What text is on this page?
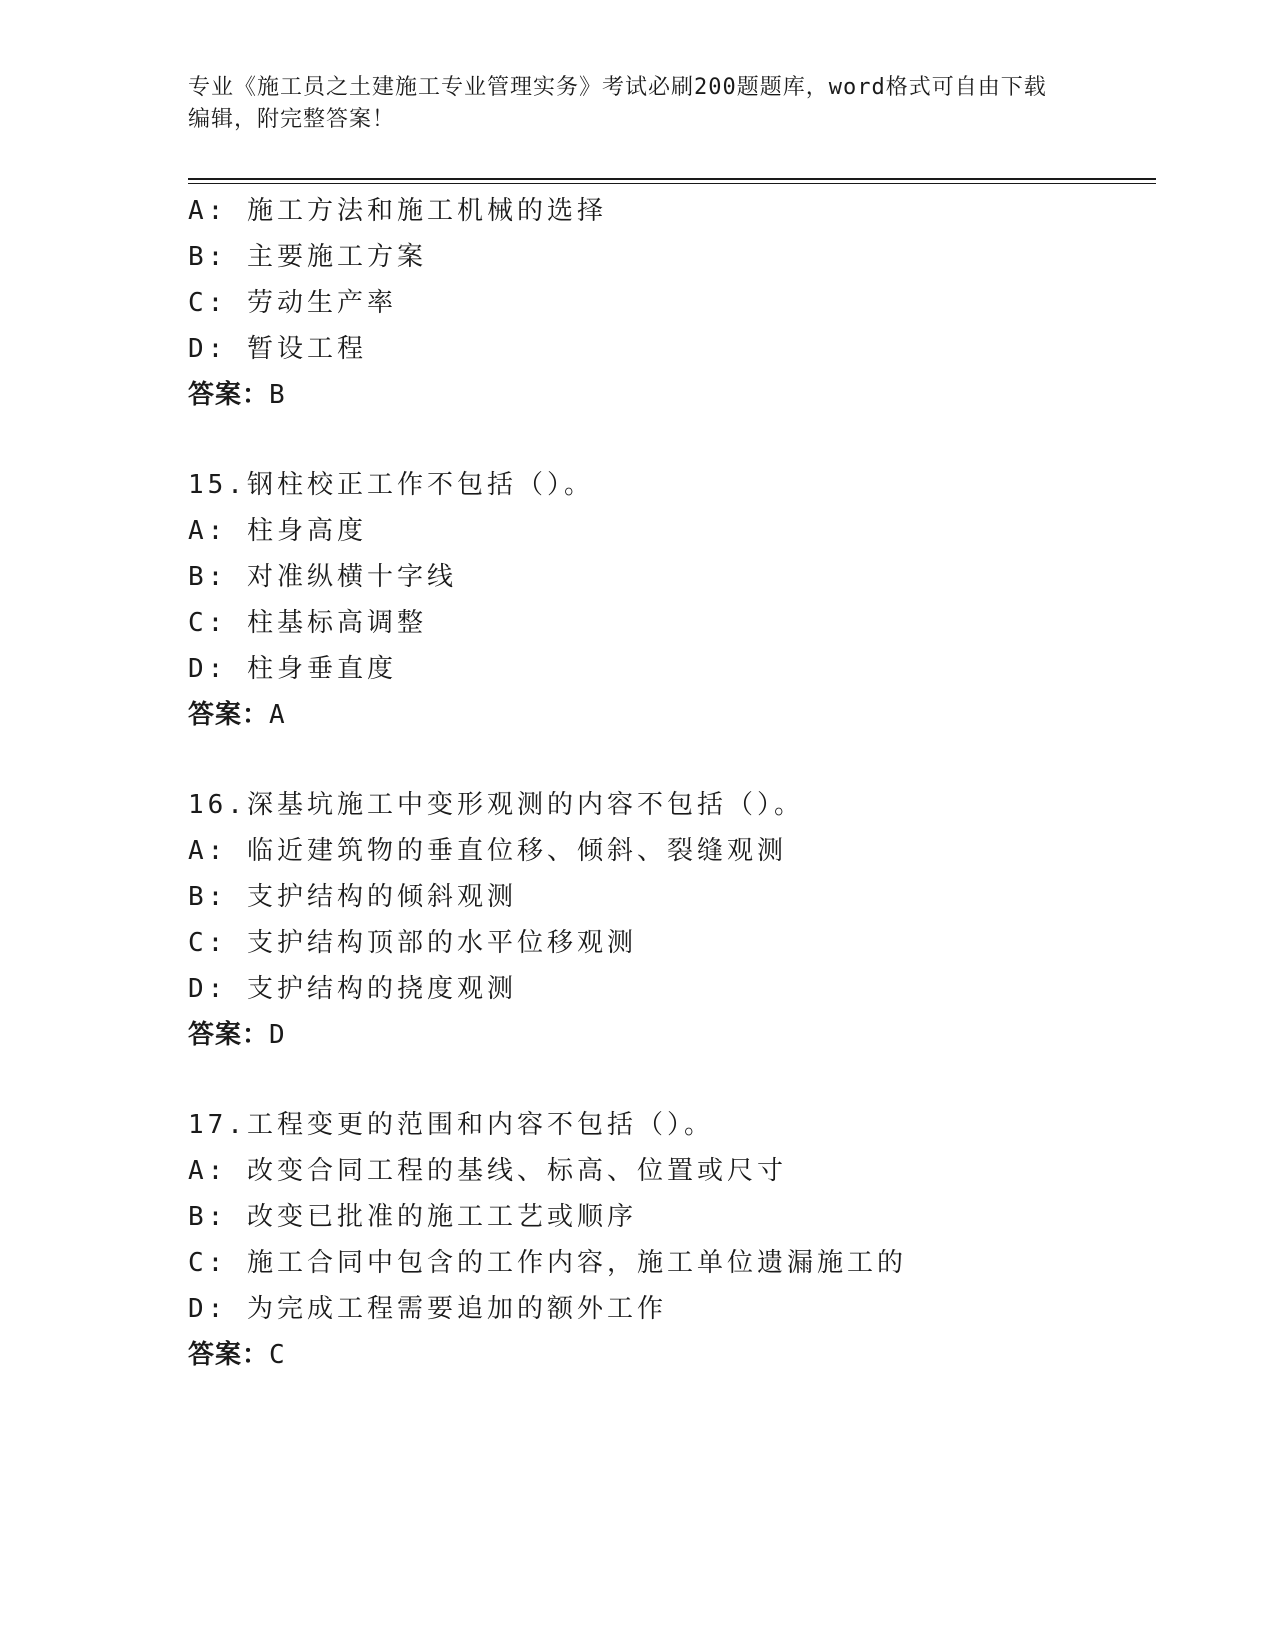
专业《施工员之土建施工专业管理实务》考试必刷200题题库，word格式可自由下载编辑，附完整答案！
A: 施工方法和施工机械的选择
B: 主要施工方案
C: 劳动生产率
D: 暂设工程
答案：B
15.钢柱校正工作不包括（）。
A: 柱身高度
B: 对准纵横十字线
C: 柱基标高调整
D: 柱身垂直度
答案：A
16.深基坑施工中变形观测的内容不包括（）。
A: 临近建筑物的垂直位移、倾斜、裂缝观测
B: 支护结构的倾斜观测
C: 支护结构顶部的水平位移观测
D: 支护结构的挠度观测
答案：D
17.工程变更的范围和内容不包括（）。
A: 改变合同工程的基线、标高、位置或尺寸
B: 改变已批准的施工工艺或顺序
C: 施工合同中包含的工作内容，施工单位遗漏施工的
D: 为完成工程需要追加的额外工作
答案：C
